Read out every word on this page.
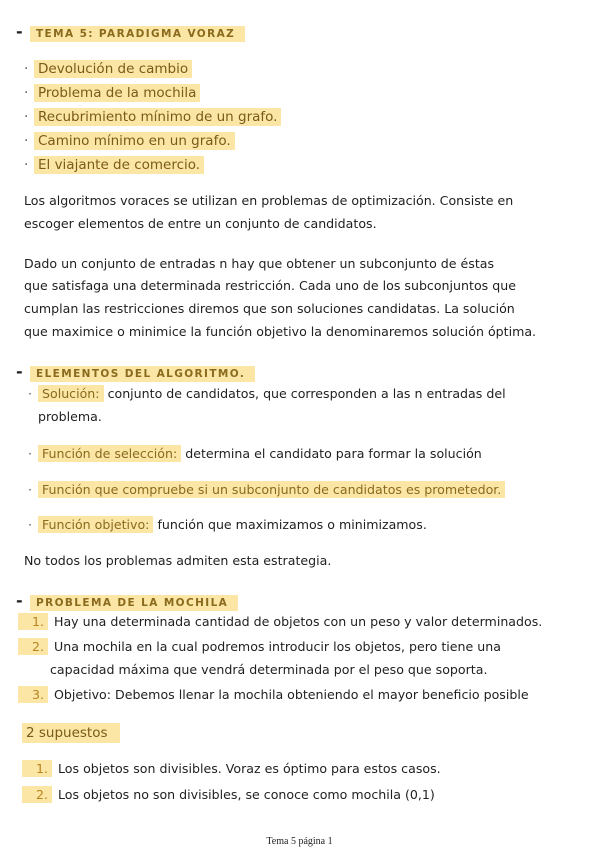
- TEMA 5: PARADIGMA VORAZ
· Devolución de cambio
· Problema de la mochila
· Recubrimiento mínimo de un grafo.
· Camino mínimo en un grafo.
· El viajante de comercio.
Los algoritmos voraces se utilizan en problemas de optimización. Consiste en
escoger elementos de entre un conjunto de candidatos.
Dado un conjunto de entradas n hay que obtener un subconjunto de éstas
que satisfaga una determinada restricción. Cada uno de los subconjuntos que
cumplan las restricciones diremos que son soluciones candidatas. La solución
que maximice o minimice la función objetivo la denominaremos solución óptima.
- ELEMENTOS DEL ALGORITMO.
· Solución: conjunto de candidatos, que corresponden a las n entradas del
problema.
· Función de selección: determina el candidato para formar la solución
· Función que compruebe si un subconjunto de candidatos es prometedor.
· Función objetivo: función que maximizamos o minimizamos.
No todos los problemas admiten esta estrategia.
- PROBLEMA DE LA MOCHILA
1. Hay una determinada cantidad de objetos con un peso y valor determinados.
2. Una mochila en la cual podremos introducir los objetos, pero tiene una
capacidad máxima que vendrá determinada por el peso que soporta.
3. Objetivo: Debemos llenar la mochila obteniendo el mayor beneficio posible
2 supuestos
1. Los objetos son divisibles. Voraz es óptimo para estos casos.
2. Los objetos no son divisibles, se conoce como mochila (0,1)
Tema 5 página 1
